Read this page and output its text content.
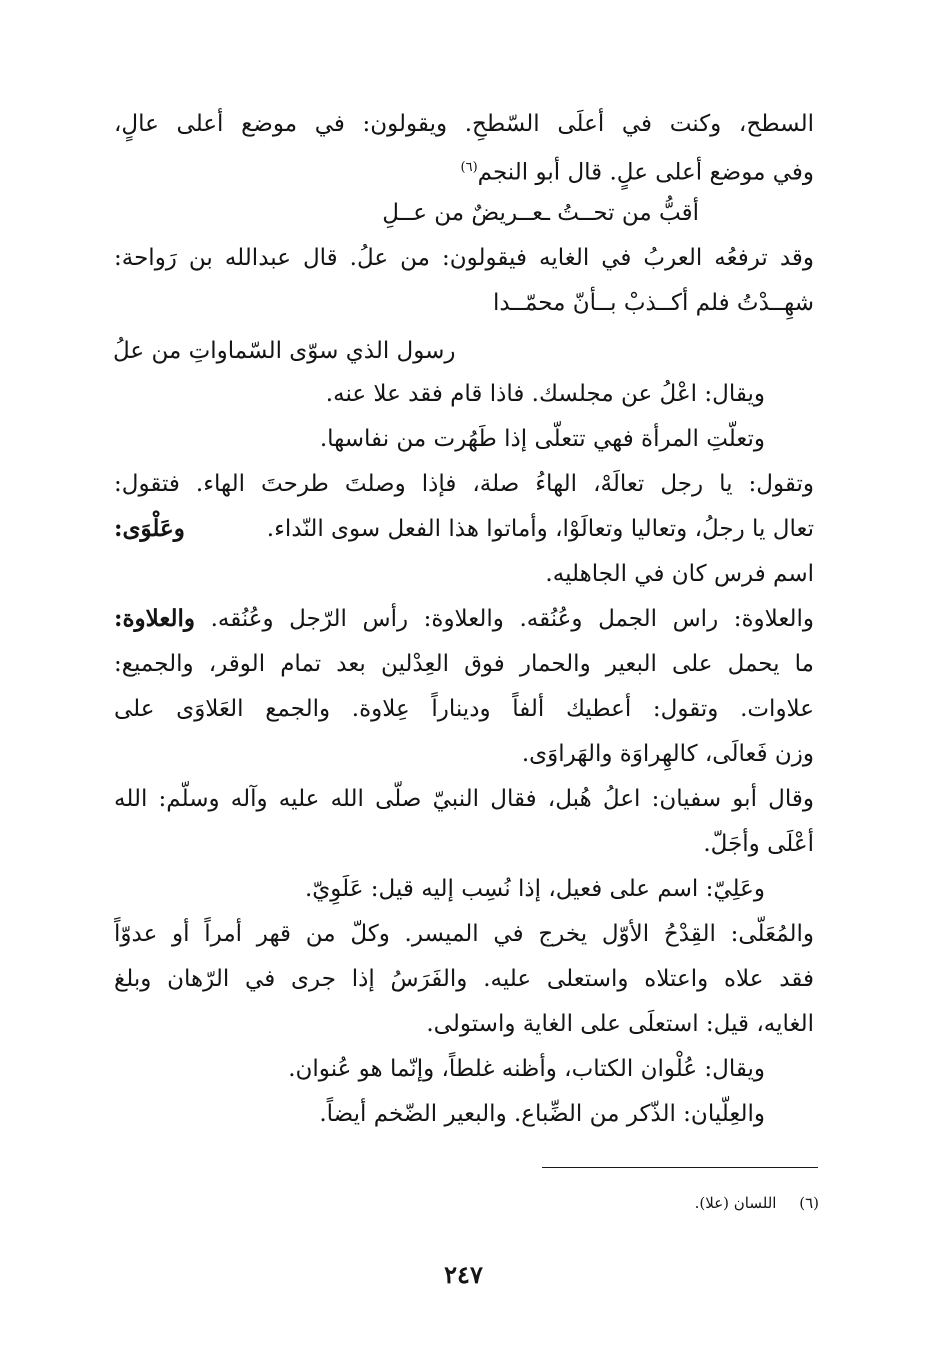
السطح، وكنت في أعلَى السّطحِ. ويقولون: في موضع أعلى عالٍ،
وفي موضع أعلى علٍ. قال أبو النجم$^{(٦)}$
أقبُّ من تحــتُ ـعــريضٌ من عــلِ
وقد ترفعُه العربُ في الغايه فيقولون: من علُ. قال عبدالله بن رَواحة:
شهِــدْتُ فلم أكــذبْ بــأنّ محمّــدا
رسول الذي سوّى السّماواتِ من علُ
ويقال: اعْلُ عن مجلسك. فاذا قام فقد علا عنه.
وتعلّتِ المرأة فهي تتعلّى إذا طَهُرت من نفاسها.
وتقول: يا رجل تعالَهْ، الهاءُ صلة، فإذا وصلتَ طرحتَ الهاء. فتقول:
تعال يا رجلُ، وتعاليا وتعالَوْا، وأماتوا هذا الفعل سوى النّداء.
وعَلْوَى:
اسم فرس كان في الجاهليه.
والعلاوة: راس الجمل وعُنُقه. والعلاوة: رأس الرّجل وعُنُقه. والعلاوة:
ما يحمل على البعير والحمار فوق العِدْلين بعد تمام الوقر، والجميع:
علاوات. وتقول: أعطيك ألفاً وديناراً عِلاوة. والجمع العَلاوَى على
وزن فَعالَى، كالهِراوَة والهَراوَى.
وقال أبو سفيان: اعلُ هُبل، فقال النبيّ صلّى الله عليه وآله وسلّم: الله
أعْلَى وأجَلّ.
وعَلِيّ: اسم على فعيل، إذا نُسِب إليه قيل: عَلَوِيّ.
والمُعَلّى: القِدْحُ الأوّل يخرج في الميسر. وكلّ من قهر أمراً أو عدوّاً
فقد علاه واعتلاه واستعلى عليه. والفَرَسُ إذا جرى في الرّهان وبلغ
الغايه، قيل: استعلَى على الغاية واستولى.
ويقال: عُلْوان الكتاب، وأظنه غلطاً، وإنّما هو عُنوان.
والعِلّيان: الذّكر من الضِّباع. والبعير الضّخم أيضاً.
(٦) اللسان (علا).
٢٤٧
